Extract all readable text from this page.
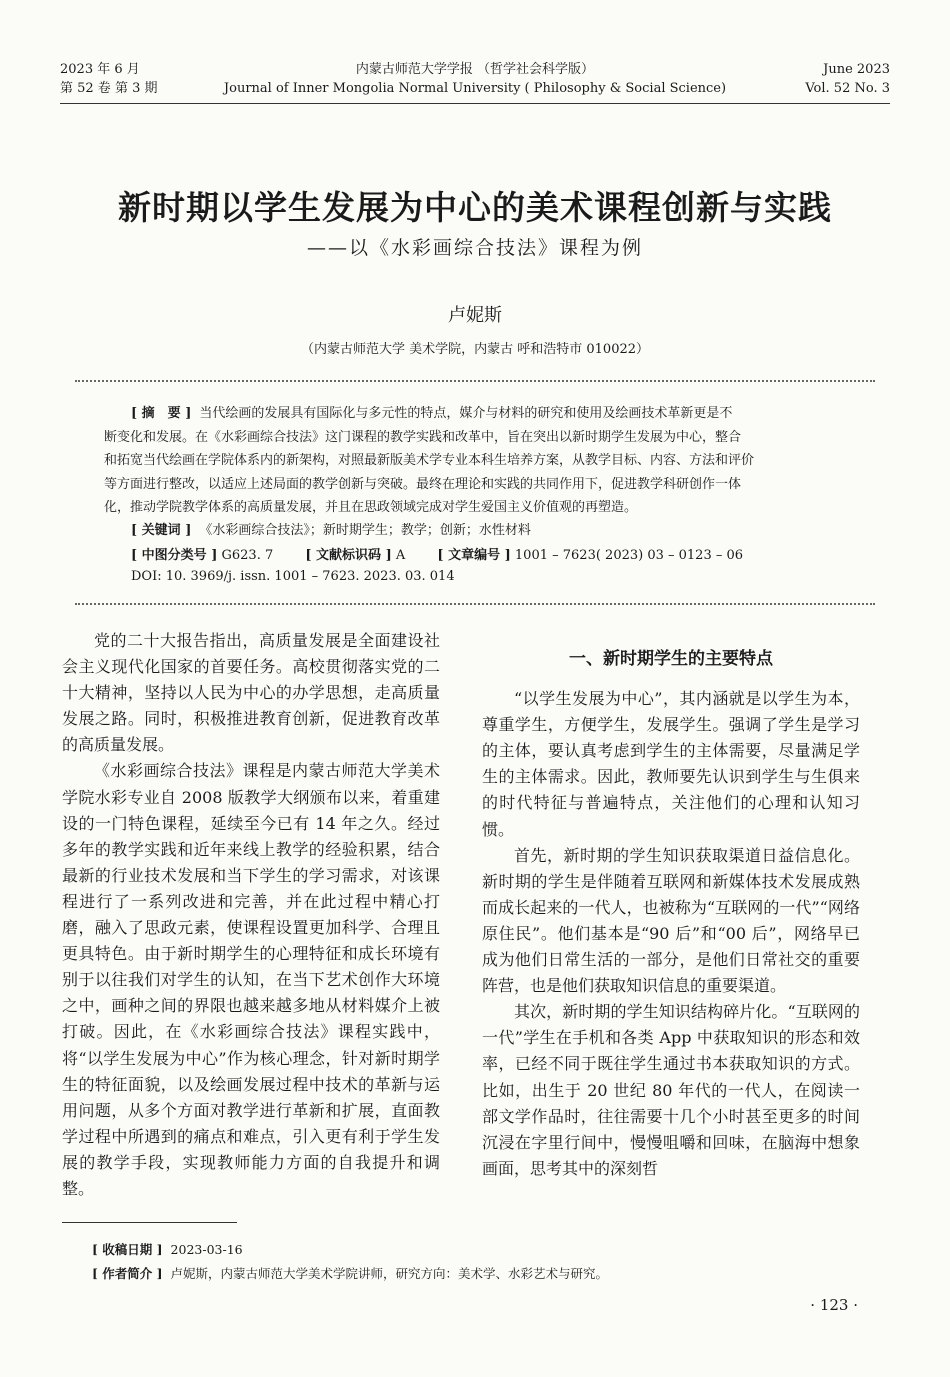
2023 年 6 月
第 52 卷 第 3 期
内蒙古师范大学学报 （哲学社会科学版）
Journal of Inner Mongolia Normal University ( Philosophy & Social Science)
June 2023
Vol. 52 No. 3
新时期以学生发展为中心的美术课程创新与实践
——以《水彩画综合技法》课程为例
卢妮斯
（内蒙古师范大学 美术学院，内蒙古 呼和浩特市 010022）
[ 摘　要 ] 当代绘画的发展具有国际化与多元性的特点，媒介与材料的研究和使用及绘画技术革新更是不
断变化和发展。在《水彩画综合技法》这门课程的教学实践和改革中，旨在突出以新时期学生发展为中心，整合
和拓宽当代绘画在学院体系内的新架构，对照最新版美术学专业本科生培养方案，从教学目标、内容、方法和评价
等方面进行整改，以适应上述局面的教学创新与突破。最终在理论和实践的共同作用下，促进教学科研创作一体
化，推动学院教学体系的高质量发展，并且在思政领域完成对学生爱国主义价值观的再塑造。
[ 关键词 ] 《水彩画综合技法》；新时期学生；教学；创新；水性材料
[ 中图分类号 ] G623. 7 [ 文献标识码 ] A [ 文章编号 ] 1001 – 7623( 2023) 03 – 0123 – 06
DOI: 10. 3969/j. issn. 1001 – 7623. 2023. 03. 014

党的二十大报告指出，高质量发展是全面建设社会主义现代化国家的首要任务。高校贯彻落实党的二十大精神，坚持以人民为中心的办学思想，走高质量发展之路。同时，积极推进教育创新，促进教育改革的高质量发展。

《水彩画综合技法》课程是内蒙古师范大学美术学院水彩专业自 2008 版教学大纲颁布以来，着重建设的一门特色课程，延续至今已有 14 年之久。经过多年的教学实践和近年来线上教学的经验积累，结合最新的行业技术发展和当下学生的学习需求，对该课程进行了一系列改进和完善，并在此过程中精心打磨，融入了思政元素，使课程设置更加科学、合理且更具特色。由于新时期学生的心理特征和成长环境有别于以往我们对学生的认知，在当下艺术创作大环境之中，画种之间的界限也越来越多地从材料媒介上被打破。因此，在《水彩画综合技法》课程实践中，将“以学生发展为中心”作为核心理念，针对新时期学生的特征面貌，以及绘画发展过程中技术的革新与运用问题，从多个方面对教学进行革新和扩展，直面教学过程中所遇到的痛点和难点，引入更有利于学生发展的教学手段，实现教师能力方面的自我提升和调整。

一、新时期学生的主要特点

“以学生发展为中心”，其内涵就是以学生为本，尊重学生，方便学生，发展学生。强调了学生是学习的主体，要认真考虑到学生的主体需要，尽量满足学生的主体需求。因此，教师要先认识到学生与生俱来的时代特征与普遍特点，关注他们的心理和认知习惯。

首先，新时期的学生知识获取渠道日益信息化。新时期的学生是伴随着互联网和新媒体技术发展成熟而成长起来的一代人，也被称为“互联网的一代”“网络原住民”。他们基本是“90 后”和“00 后”，网络早已成为他们日常生活的一部分，是他们日常社交的重要阵营，也是他们获取知识信息的重要渠道。

其次，新时期的学生知识结构碎片化。“互联网的一代”学生在手机和各类 App 中获取知识的形态和效率，已经不同于既往学生通过书本获取知识的方式。比如，出生于 20 世纪 80 年代的一代人，在阅读一部文学作品时，往往需要十几个小时甚至更多的时间沉浸在字里行间中，慢慢咀嚼和回味，在脑海中想象画面，思考其中的深刻哲

[ 收稿日期 ] 2023-03-16
[ 作者简介 ] 卢妮斯，内蒙古师范大学美术学院讲师，研究方向：美术学、水彩艺术与研究。
· 123 ·
